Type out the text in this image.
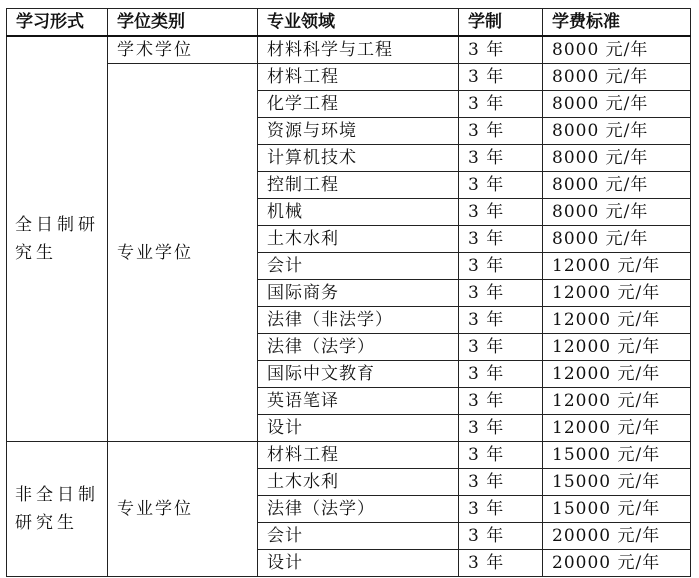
学习形式	学位类别	专业领域	学制	学费标准
全日制研究生	学术学位	材料科学与工程	3 年	8000 元/年
	专业学位	材料工程	3 年	8000 元/年
		化学工程	3 年	8000 元/年
		资源与环境	3 年	8000 元/年
		计算机技术	3 年	8000 元/年
		控制工程	3 年	8000 元/年
		机械	3 年	8000 元/年
		土木水利	3 年	8000 元/年
		会计	3 年	12000 元/年
		国际商务	3 年	12000 元/年
		法律（非法学）	3 年	12000 元/年
		法律（法学）	3 年	12000 元/年
		国际中文教育	3 年	12000 元/年
		英语笔译	3 年	12000 元/年
		设计	3 年	12000 元/年
非全日制研究生	专业学位	材料工程	3 年	15000 元/年
		土木水利	3 年	15000 元/年
		法律（法学）	3 年	15000 元/年
		会计	3 年	20000 元/年
		设计	3 年	20000 元/年
